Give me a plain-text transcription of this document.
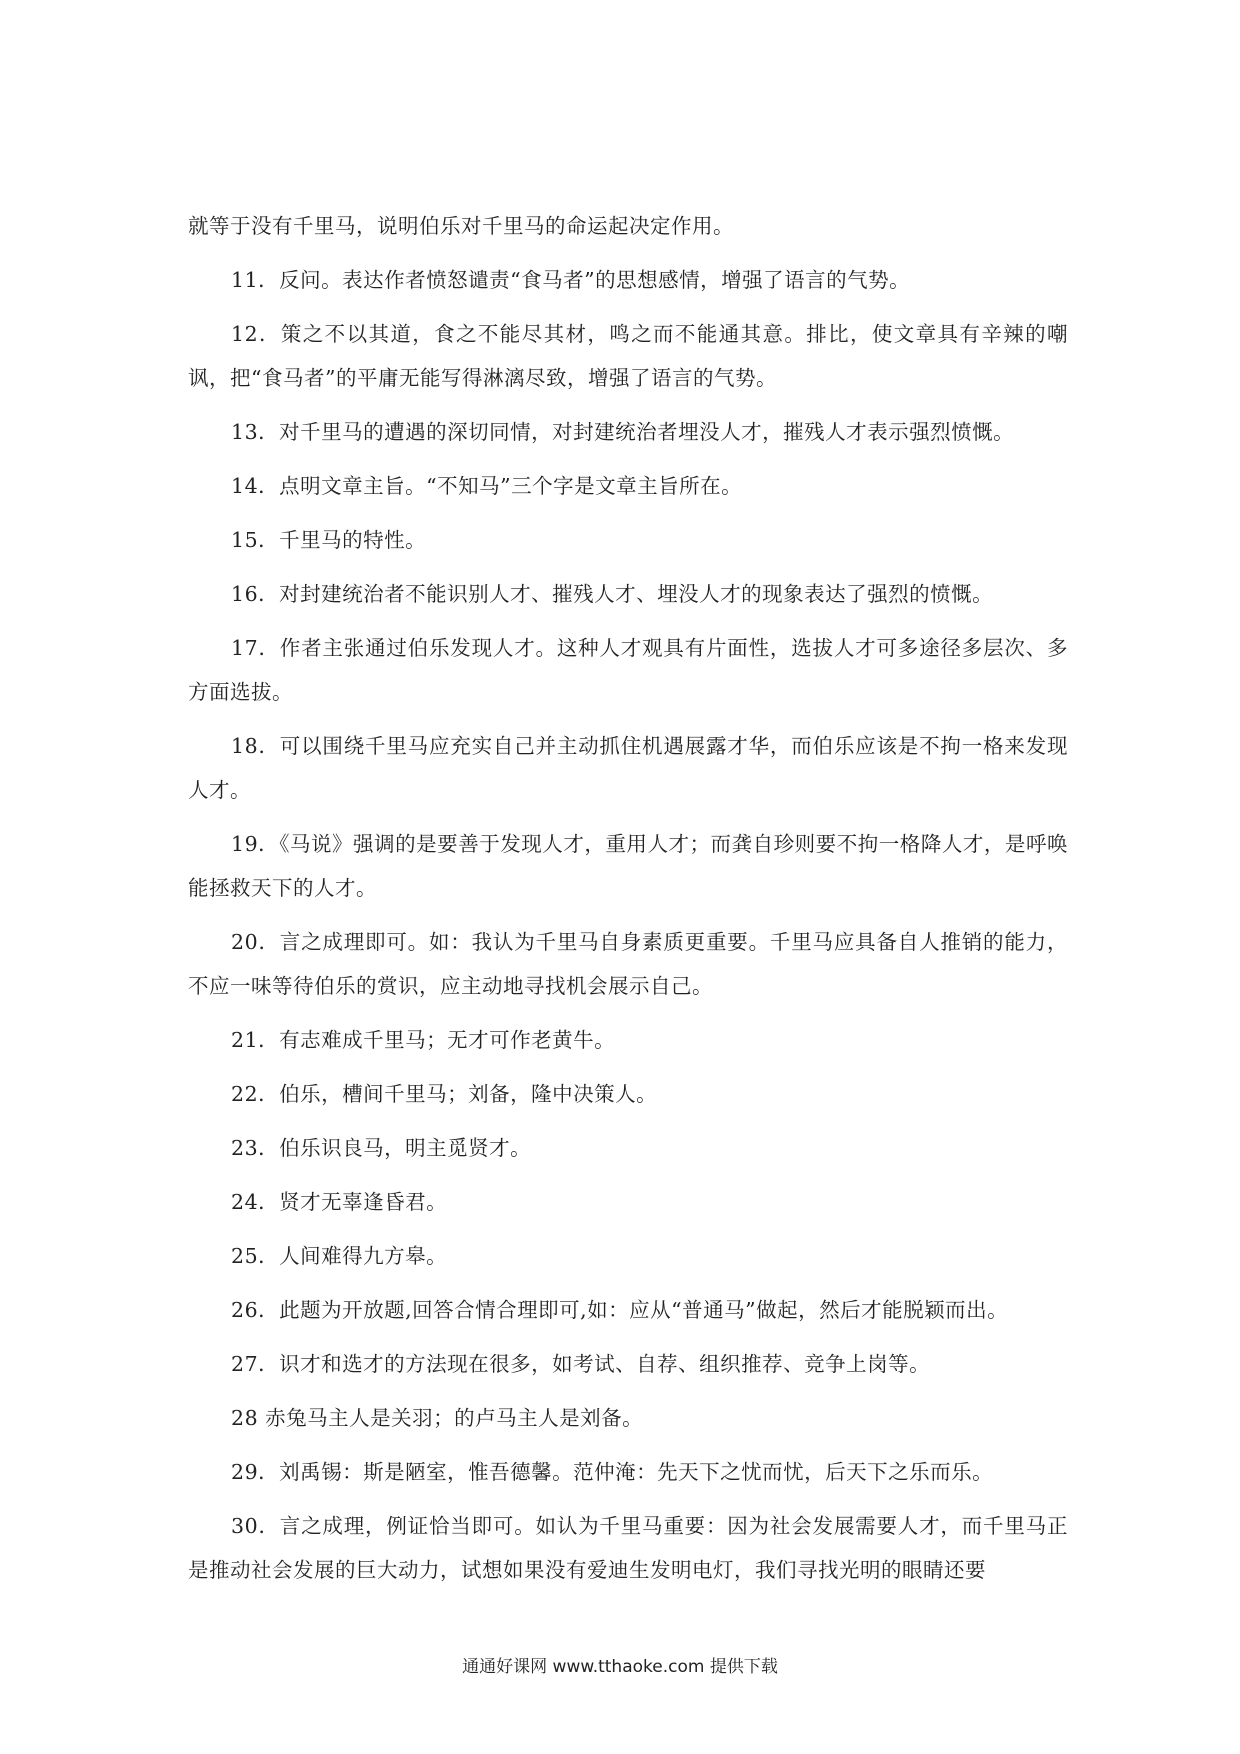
就等于没有千里马，说明伯乐对千里马的命运起决定作用。

11．反问。表达作者愤怒谴责“食马者”的思想感情，增强了语言的气势。

12．策之不以其道，食之不能尽其材，鸣之而不能通其意。排比，使文章具有辛辣的嘲讽，把“食马者”的平庸无能写得淋漓尽致，增强了语言的气势。

13．对千里马的遭遇的深切同情，对封建统治者埋没人才，摧残人才表示强烈愤慨。

14．点明文章主旨。“不知马”三个字是文章主旨所在。

15．千里马的特性。

16．对封建统治者不能识别人才、摧残人才、埋没人才的现象表达了强烈的愤慨。

17．作者主张通过伯乐发现人才。这种人才观具有片面性，选拔人才可多途径多层次、多方面选拔。

18．可以围绕千里马应充实自己并主动抓住机遇展露才华，而伯乐应该是不拘一格来发现人才。

19．《马说》强调的是要善于发现人才，重用人才；而龚自珍则要不拘一格降人才，是呼唤能拯救天下的人才。

20．言之成理即可。如：我认为千里马自身素质更重要。千里马应具备自人推销的能力，不应一味等待伯乐的赏识，应主动地寻找机会展示自己。

21．有志难成千里马；无才可作老黄牛。

22．伯乐，槽间千里马；刘备，隆中决策人。

23．伯乐识良马，明主觅贤才。

24．贤才无辜逢昏君。

25．人间难得九方皋。

26．此题为开放题,回答合情合理即可,如：应从“普通马”做起，然后才能脱颖而出。

27．识才和选才的方法现在很多，如考试、自荐、组织推荐、竞争上岗等。

28 赤兔马主人是关羽；的卢马主人是刘备。

29．刘禹锡：斯是陋室，惟吾德馨。范仲淹：先天下之忧而忧，后天下之乐而乐。

30．言之成理，例证恰当即可。如认为千里马重要：因为社会发展需要人才，而千里马正是推动社会发展的巨大动力，试想如果没有爱迪生发明电灯，我们寻找光明的眼睛还要

通通好课网 www.tthaoke.com 提供下载
